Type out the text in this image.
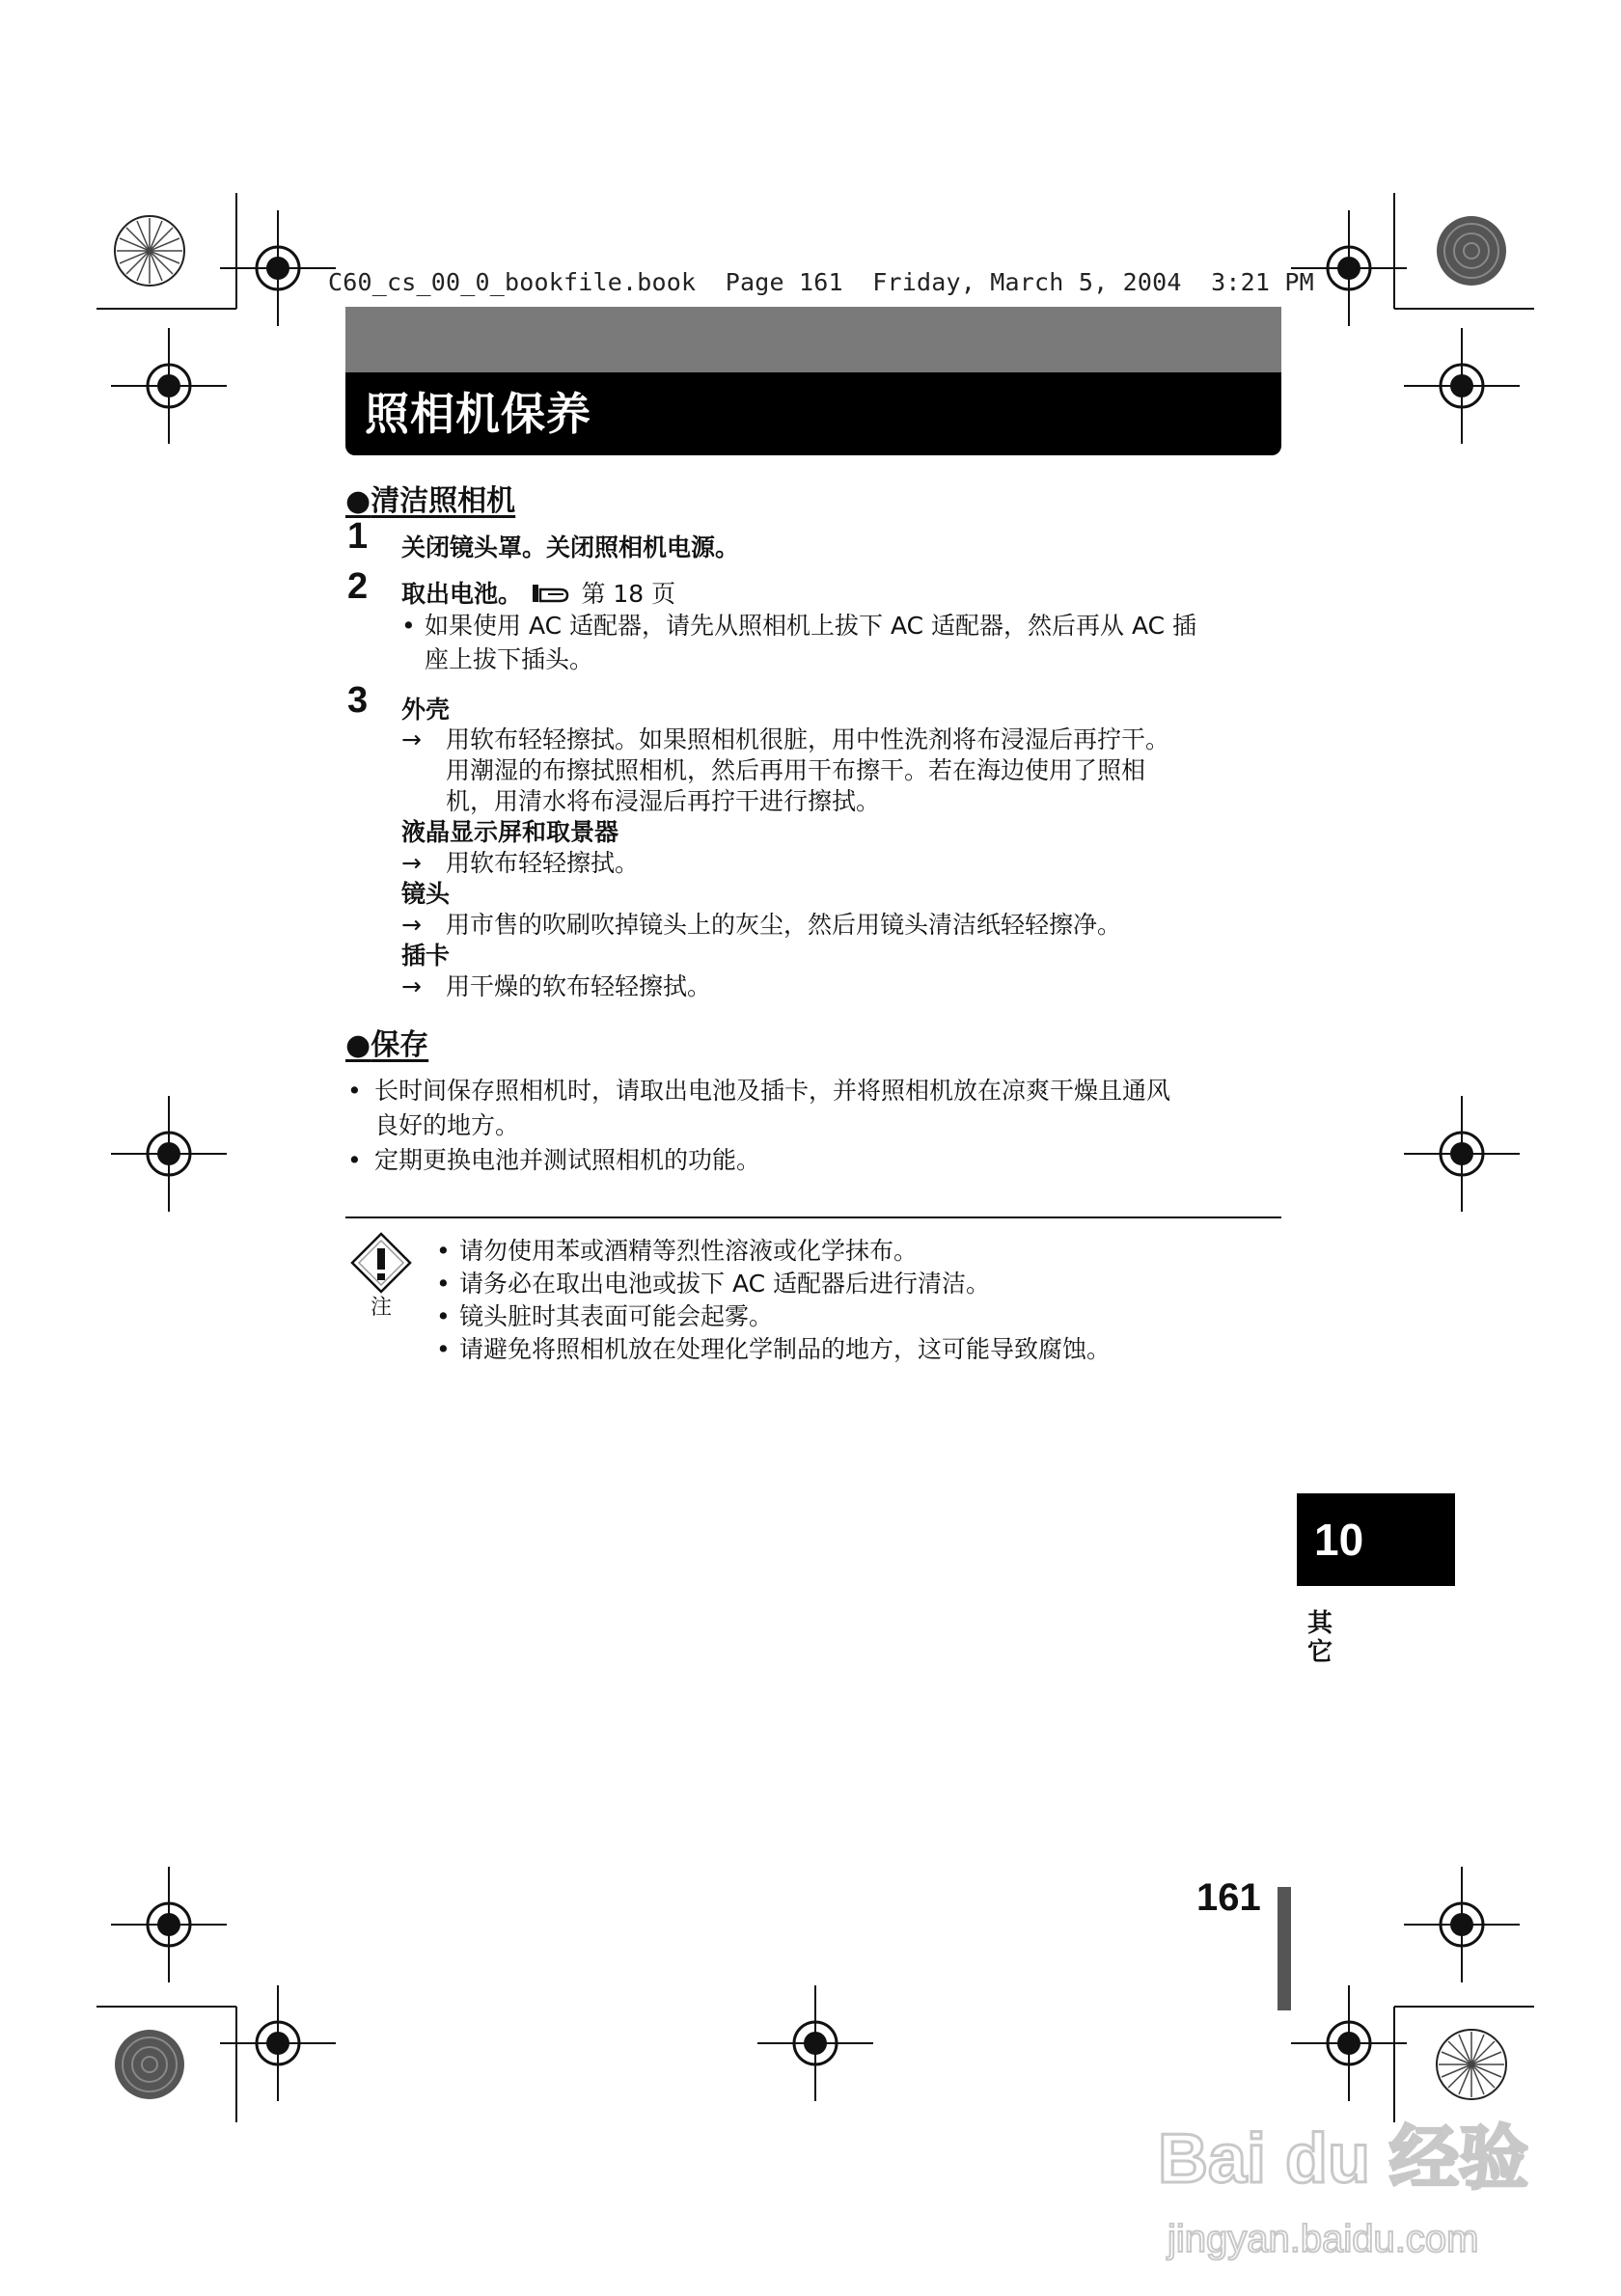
C60_cs_00_0_bookfile.book  Page 161  Friday, March 5, 2004  3:21 PM
照相机保养
●清洁照相机
1 关闭镜头罩。关闭照相机电源。
2 取出电池。 第 18 页
• 如果使用 AC 适配器，请先从照相机上拔下 AC 适配器，然后再从 AC 插
座上拔下插头。
3 外壳
→ 用软布轻轻擦拭。如果照相机很脏，用中性洗剂将布浸湿后再拧干。
用潮湿的布擦拭照相机，然后再用干布擦干。若在海边使用了照相
机，用清水将布浸湿后再拧干进行擦拭。
液晶显示屏和取景器
→ 用软布轻轻擦拭。
镜头
→ 用市售的吹刷吹掉镜头上的灰尘，然后用镜头清洁纸轻轻擦净。
插卡
→ 用干燥的软布轻轻擦拭。
●保存
• 长时间保存照相机时，请取出电池及插卡，并将照相机放在凉爽干燥且通风
良好的地方。
• 定期更换电池并测试照相机的功能。
注
• 请勿使用苯或酒精等烈性溶液或化学抹布。
• 请务必在取出电池或拔下 AC 适配器后进行清洁。
• 镜头脏时其表面可能会起雾。
• 请避免将照相机放在处理化学制品的地方，这可能导致腐蚀。
10
其它
161
Bai du 经验
jingyan.baidu.com
